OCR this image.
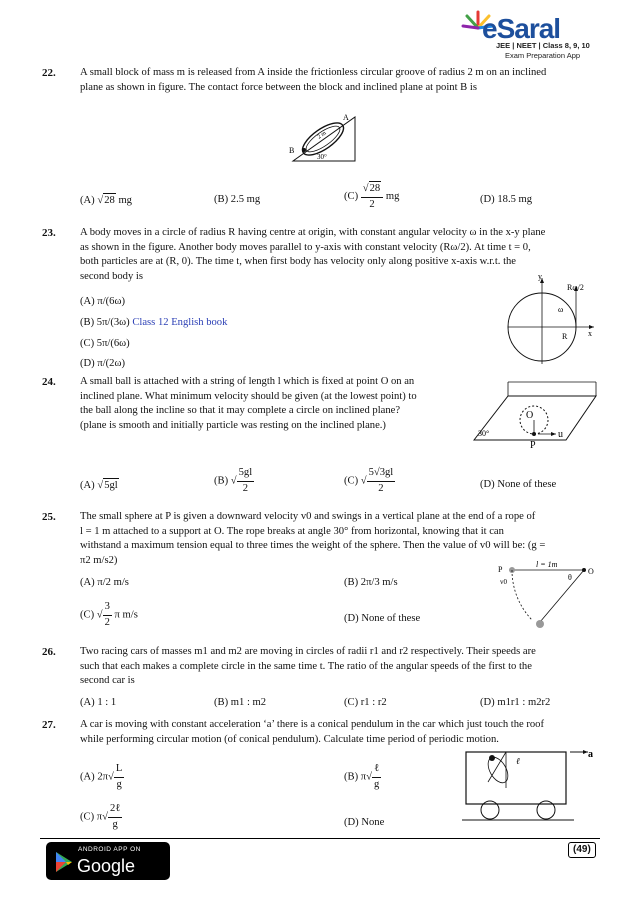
eSaral
JEE | NEET | Class 8, 9, 10
Exam Preparation App
22. A small block of mass m is released from A inside the frictionless circular groove of radius 2 m on an inclined
plane as shown in figure. The contact force between the block and inclined plane at point B is
A
B
2 m
30°
(A) √28 mg	(B) 2.5 mg	$(C) \frac{√28}{2}$ mg	(D) 18.5 mg
23. A body moves in a circle of radius R having centre at origin, with constant angular velocity ω in the x-y plane
as shown in the figure. Another body moves parallel to y-axis with constant velocity (Rω/2). At time t = 0,
both particles are at (R, 0). The time t, when first body has velocity only along positive x-axis w.r.t. the
second body is
(A) π/(6ω)
(B) 5π/(3ω) Class 12 English book
(C) 5π/(6ω)
(D) π/(2ω)
y
x
Rω/2
ω
R
24. A small ball is attached with a string of length l which is fixed at point O on an
inclined plane. What minimum velocity should be given (at the lowest point) to
the ball along the incline so that it may complete a circle on inclined plane?
(plane is smooth and initially particle was resting on the inclined plane.)
O
P
u
30°
(A) √5gl	(B) √ $\frac{5gl}{2}$	(C) √ $\frac{5√3gl}{2}$	(D) None of these
25. The small sphere at P is given a downward velocity v0 and swings in a vertical plane at the end of a rope of
l = 1 m attached to a support at O. The rope breaks at angle 30° from horizontal, knowing that it can
withstand a maximum tension equal to three times the weight of the sphere. Then the value of v0 will be: (g =
π2 m/s2)
(A) π/2 m/s	(B) 2π/3 m/s
(C) √ $\frac{3}{2}$ π m/s	(D) None of these
P	O
l = 1m
θ
v0
26. Two racing cars of masses m1 and m2 are moving in circles of radii r1 and r2 respectively. Their speeds are
such that each makes a complete circle in the same time t. The ratio of the angular speeds of the first to the
second car is
(A) 1 : 1	(B) m1 : m2	(C) r1 : r2	(D) m1r1 : m2r2
27. A car is moving with constant acceleration ‘a’ there is a conical pendulum in the car which just touch the roof
while performing circular motion (of conical pendulum). Calculate time period of periodic motion.
(A) $2\pi√ \frac{L}{g}$	(B) $\pi√ \frac{\text{ℓ}}{g}$
(C) $\pi√ \frac{\text{2ℓ}}{g}$	(D) None
a
ℓ
ANDROID APP ON
Google Play
(49)
